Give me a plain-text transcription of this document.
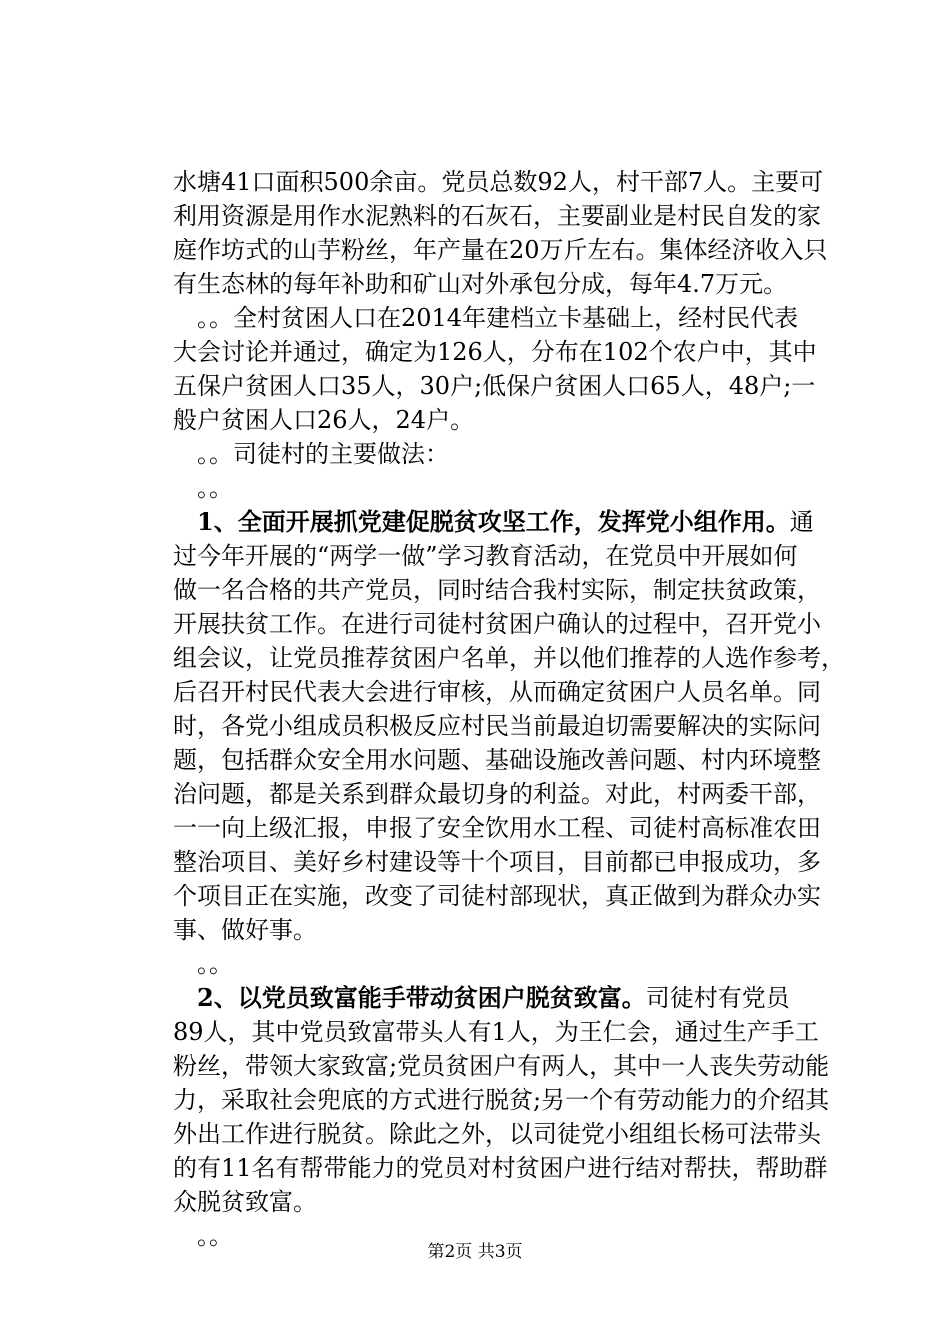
水塘41口面积500余亩。党员总数92人，村干部7人。主要可
利用资源是用作水泥熟料的石灰石，主要副业是村民自发的家
庭作坊式的山芋粉丝，年产量在20万斤左右。集体经济收入只
有生态林的每年补助和矿山对外承包分成，每年4.7万元。
　。。全村贫困人口在2014年建档立卡基础上，经村民代表
大会讨论并通过，确定为126人，分布在102个农户中，其中
五保户贫困人口35人，30户;低保户贫困人口65人，48户;一
般户贫困人口26人，24户。
　。。司徒村的主要做法：
　。。
　1、全面开展抓党建促脱贫攻坚工作，发挥党小组作用。通
过今年开展的“两学一做”学习教育活动，在党员中开展如何
做一名合格的共产党员，同时结合我村实际，制定扶贫政策，
开展扶贫工作。在进行司徒村贫困户确认的过程中，召开党小
组会议，让党员推荐贫困户名单，并以他们推荐的人选作参考，
后召开村民代表大会进行审核，从而确定贫困户人员名单。同
时，各党小组成员积极反应村民当前最迫切需要解决的实际问
题，包括群众安全用水问题、基础设施改善问题、村内环境整
治问题，都是关系到群众最切身的利益。对此，村两委干部，
一一向上级汇报，申报了安全饮用水工程、司徒村高标准农田
整治项目、美好乡村建设等十个项目，目前都已申报成功，多
个项目正在实施，改变了司徒村部现状，真正做到为群众办实
事、做好事。
　。。
　2、以党员致富能手带动贫困户脱贫致富。司徒村有党员
89人，其中党员致富带头人有1人，为王仁会，通过生产手工
粉丝，带领大家致富;党员贫困户有两人，其中一人丧失劳动能
力，采取社会兜底的方式进行脱贫;另一个有劳动能力的介绍其
外出工作进行脱贫。除此之外，以司徒党小组组长杨可法带头
的有11名有帮带能力的党员对村贫困户进行结对帮扶，帮助群
众脱贫致富。
　。。
第2页 共3页
